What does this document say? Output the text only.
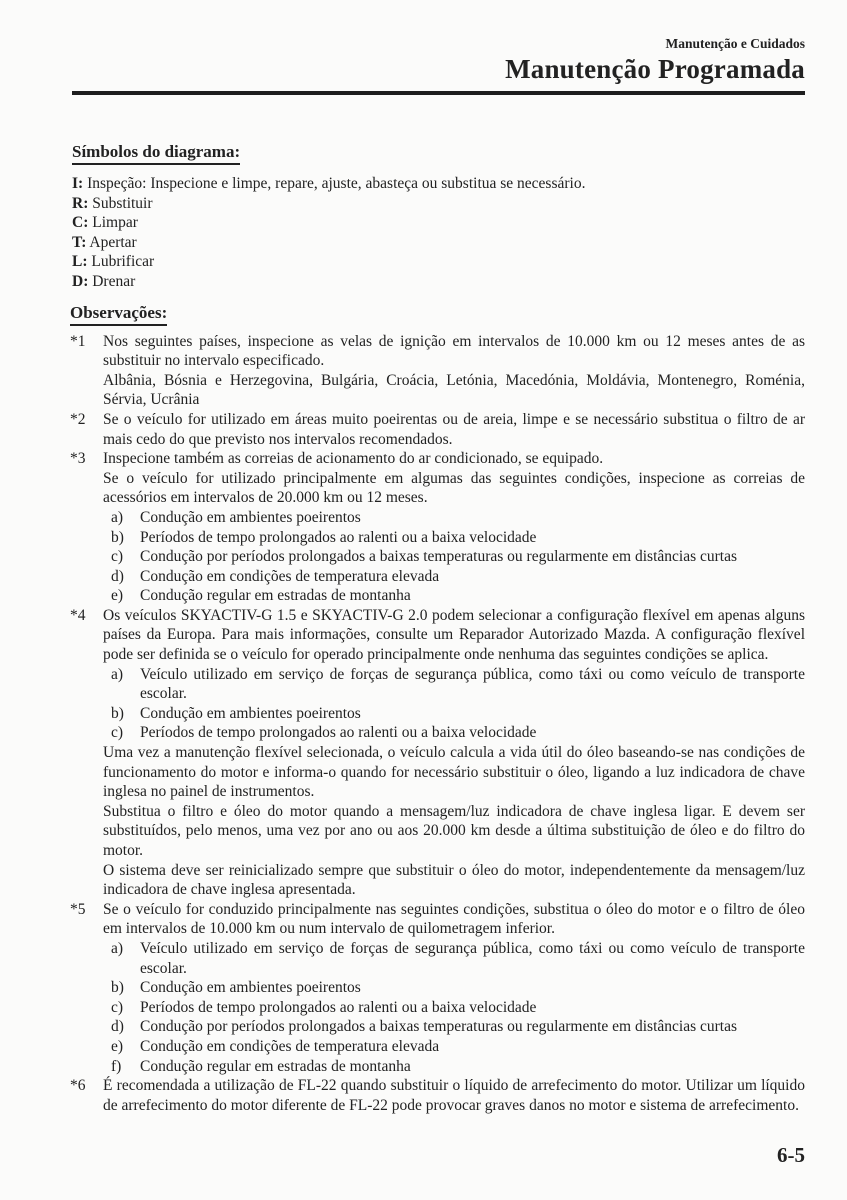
Manutenção e Cuidados
Manutenção Programada
Símbolos do diagrama:
I: Inspeção: Inspecione e limpe, repare, ajuste, abasteça ou substitua se necessário.
R: Substituir
C: Limpar
T: Apertar
L: Lubrificar
D: Drenar
Observações:
*1 Nos seguintes países, inspecione as velas de ignição em intervalos de 10.000 km ou 12 meses antes de as substituir no intervalo especificado.

Albânia, Bósnia e Herzegovina, Bulgária, Croácia, Letónia, Macedónia, Moldávia, Montenegro, Roménia, Sérvia, Ucrânia

*2 Se o veículo for utilizado em áreas muito poeirentas ou de areia, limpe e se necessário substitua o filtro de ar mais cedo do que previsto nos intervalos recomendados.

*3 Inspecione também as correias de acionamento do ar condicionado, se equipado.

Se o veículo for utilizado principalmente em algumas das seguintes condições, inspecione as correias de acessórios em intervalos de 20.000 km ou 12 meses.

a) Condução em ambientes poeirentos
b) Períodos de tempo prolongados ao ralenti ou a baixa velocidade
c) Condução por períodos prolongados a baixas temperaturas ou regularmente em distâncias curtas
d) Condução em condições de temperatura elevada
e) Condução regular em estradas de montanha
*4 Os veículos SKYACTIV-G 1.5 e SKYACTIV-G 2.0 podem selecionar a configuração flexível em apenas alguns países da Europa. Para mais informações, consulte um Reparador Autorizado Mazda. A configuração flexível pode ser definida se o veículo for operado principalmente onde nenhuma das seguintes condições se aplica.

a) Veículo utilizado em serviço de forças de segurança pública, como táxi ou como veículo de transporte escolar.
b) Condução em ambientes poeirentos
c) Períodos de tempo prolongados ao ralenti ou a baixa velocidade

Uma vez a manutenção flexível selecionada, o veículo calcula a vida útil do óleo baseando-se nas condições de funcionamento do motor e informa-o quando for necessário substituir o óleo, ligando a luz indicadora de chave inglesa no painel de instrumentos.

Substitua o filtro e óleo do motor quando a mensagem/luz indicadora de chave inglesa ligar. E devem ser substituídos, pelo menos, uma vez por ano ou aos 20.000 km desde a última substituição de óleo e do filtro do motor.

O sistema deve ser reinicializado sempre que substituir o óleo do motor, independentemente da mensagem/luz indicadora de chave inglesa apresentada.

*5 Se o veículo for conduzido principalmente nas seguintes condições, substitua o óleo do motor e o filtro de óleo em intervalos de 10.000 km ou num intervalo de quilometragem inferior.

a) Veículo utilizado em serviço de forças de segurança pública, como táxi ou como veículo de transporte escolar.
b) Condução em ambientes poeirentos
c) Períodos de tempo prolongados ao ralenti ou a baixa velocidade
d) Condução por períodos prolongados a baixas temperaturas ou regularmente em distâncias curtas
e) Condução em condições de temperatura elevada
f) Condução regular em estradas de montanha
*6 É recomendada a utilização de FL-22 quando substituir o líquido de arrefecimento do motor. Utilizar um líquido de arrefecimento do motor diferente de FL-22 pode provocar graves danos no motor e sistema de arrefecimento.

6-5
